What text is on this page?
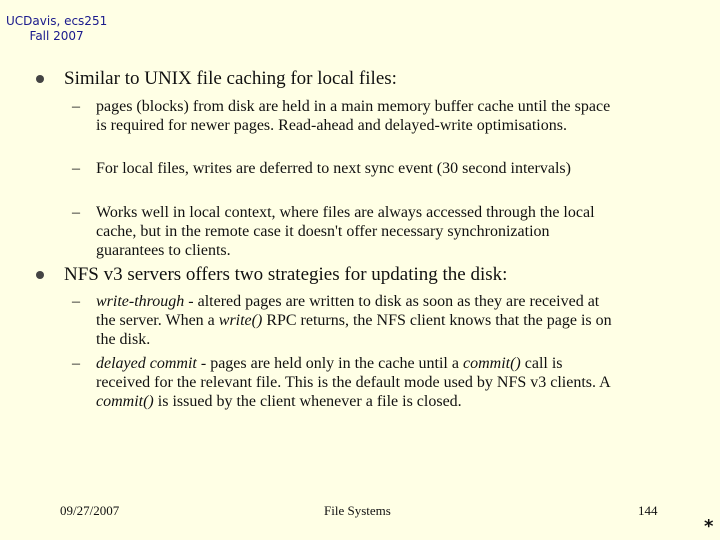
UCDavis, ecs251
Fall 2007
Similar to UNIX file caching for local files:
– pages (blocks) from disk are held in a main memory buffer cache until the space is required for newer pages. Read-ahead and delayed-write optimisations.
– For local files, writes are deferred to next sync event (30 second intervals)
– Works well in local context, where files are always accessed through the local cache, but in the remote case it doesn't offer necessary synchronization guarantees to clients.
NFS v3 servers offers two strategies for updating the disk:
– write-through - altered pages are written to disk as soon as they are received at the server. When a write() RPC returns, the NFS client knows that the page is on the disk.
– delayed commit - pages are held only in the cache until a commit() call is received for the relevant file. This is the default mode used by NFS v3 clients. A commit() is issued by the client whenever a file is closed.
09/27/2007	File Systems	144
*
